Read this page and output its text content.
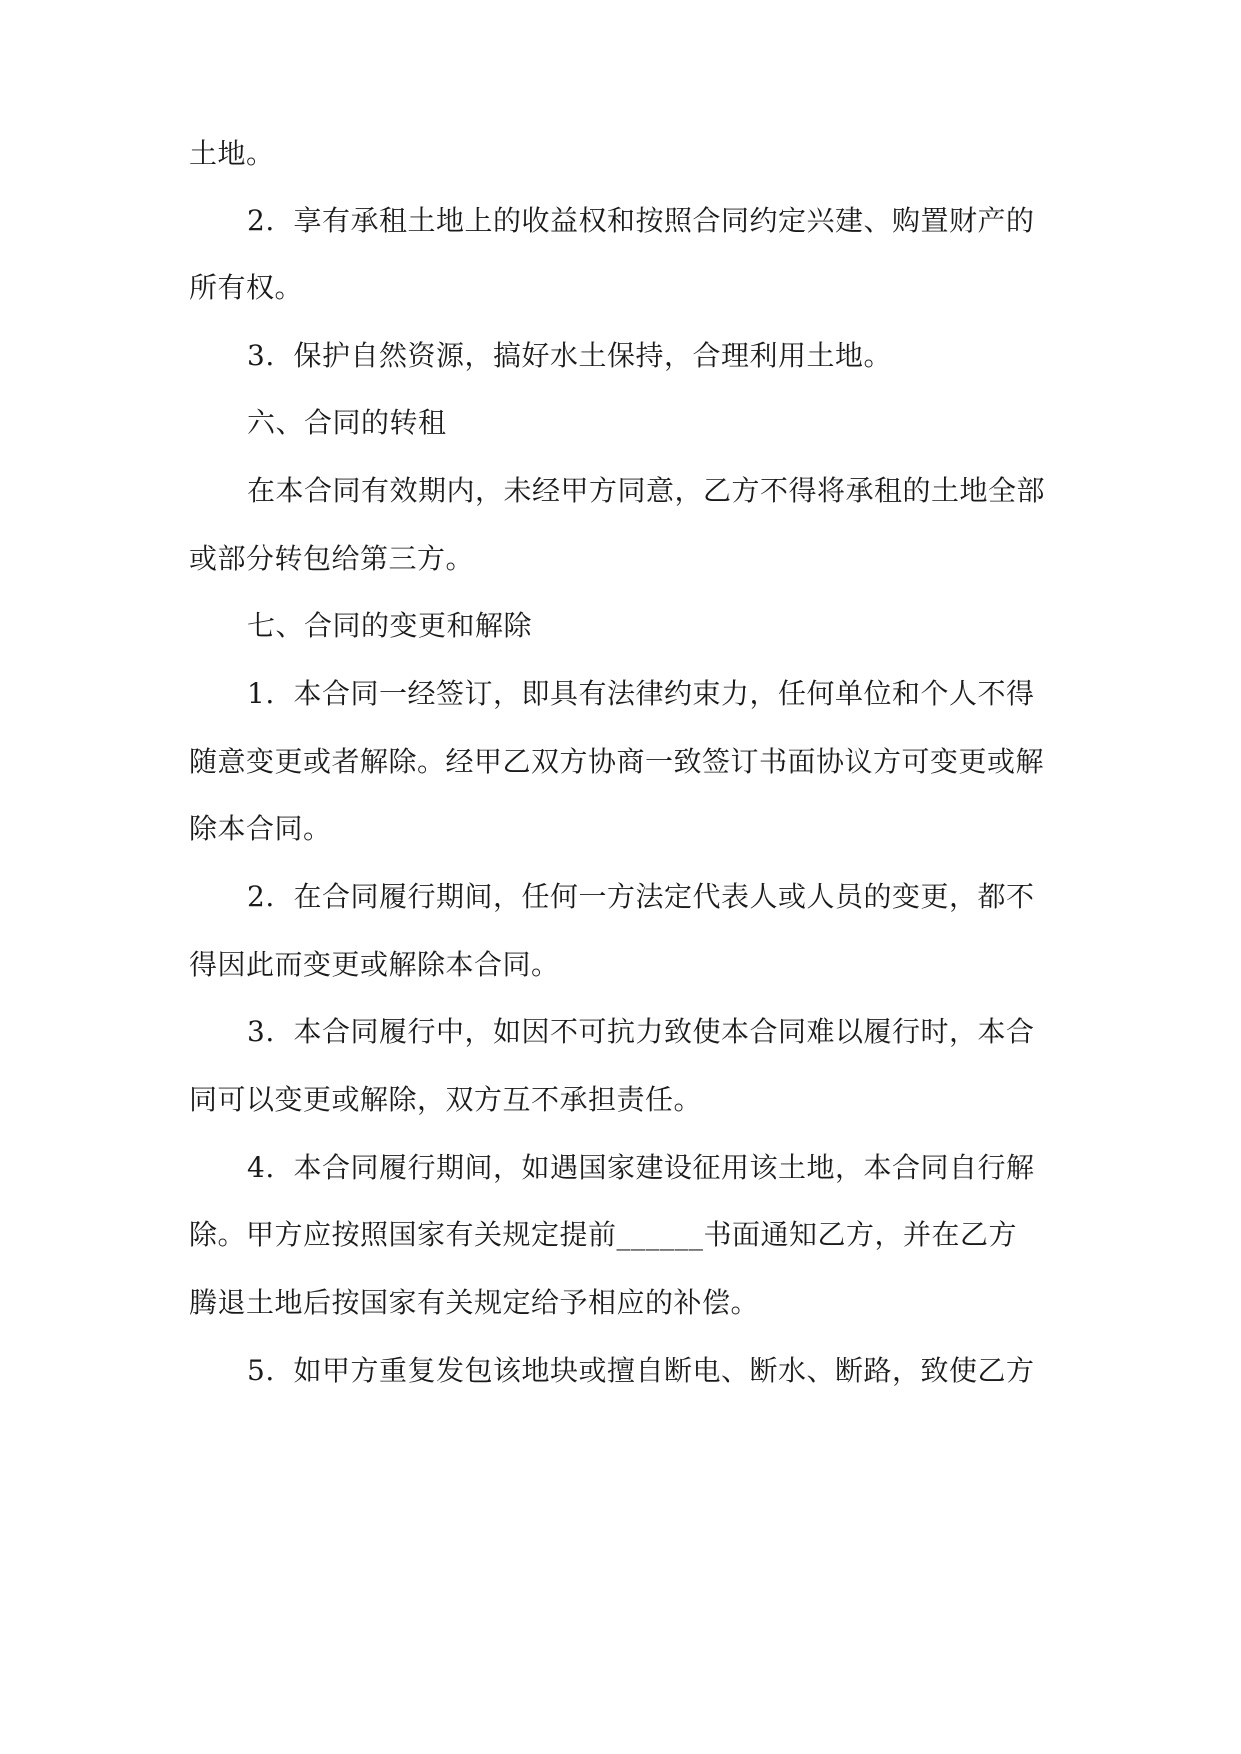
土地。
2.  享有承租土地上的收益权和按照合同约定兴建、购置财产的
所有权。
3.  保护自然资源，搞好水土保持，合理利用土地。
六、合同的转租
在本合同有效期内，未经甲方同意，乙方不得将承租的土地全部
或部分转包给第三方。
七、合同的变更和解除
1.  本合同一经签订，即具有法律约束力，任何单位和个人不得
随意变更或者解除。经甲乙双方协商一致签订书面协议方可变更或解
除本合同。
2.  在合同履行期间，任何一方法定代表人或人员的变更，都不
得因此而变更或解除本合同。
3.  本合同履行中，如因不可抗力致使本合同难以履行时，本合
同可以变更或解除，双方互不承担责任。
4.  本合同履行期间，如遇国家建设征用该土地，本合同自行解
除。甲方应按照国家有关规定提前______书面通知乙方，并在乙方
腾退土地后按国家有关规定给予相应的补偿。
5.  如甲方重复发包该地块或擅自断电、断水、断路，致使乙方
